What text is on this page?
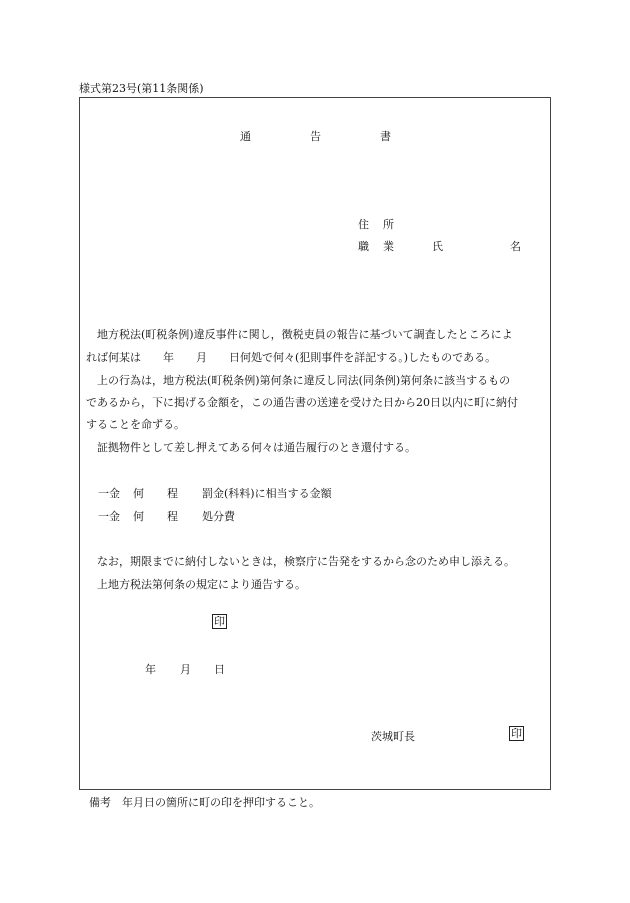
様式第23号(第11条関係)
通	告	書
住 所
職 業	氏	名
　地方税法(町税条例)違反事件に関し，徴税吏員の報告に基づいて調査したところによ
れば何某は　　年　　月　　日何処で何々(犯則事件を詳記する。)したものである。
　上の行為は，地方税法(町税条例)第何条に違反し同法(同条例)第何条に該当するもの
であるから，下に掲げる金額を，この通告書の送達を受けた日から20日以内に町に納付
することを命ずる。
　証拠物件として差し押えてある何々は通告履行のとき還付する。
一金 何 程 罰金(科料)に相当する金額
一金 何 程 処分費
　なお，期限までに納付しないときは，検察庁に告発をするから念のため申し添える。
　上地方税法第何条の規定により通告する。
印
年 月 日
茨城町長	印
備考　年月日の箇所に町の印を押印すること。
